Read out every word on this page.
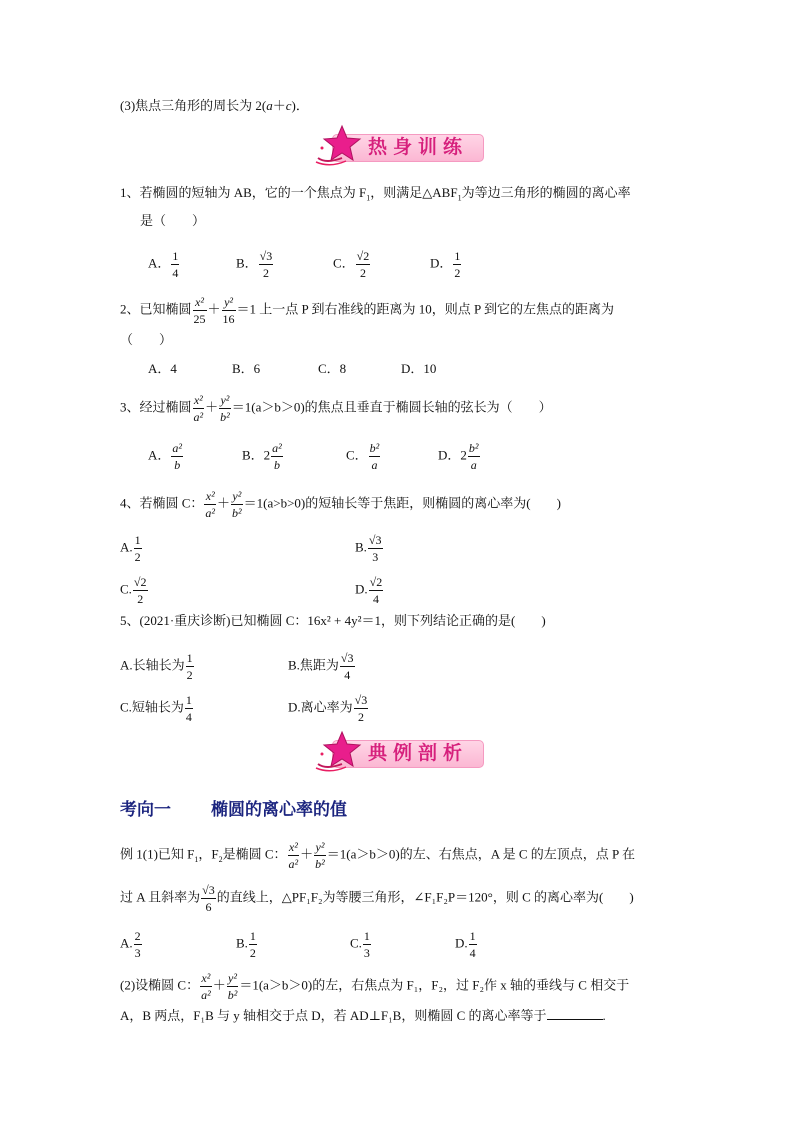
(3)焦点三角形的周长为 2(a＋c)．
热身训练
1、若椭圆的短轴为 AB，它的一个焦点为 $F_1$，则满足$\triangle ABF_1$为等边三角形的椭圆的离心率
是（　　）
A． $\frac{1}{4}$	B． $\frac{√3}{2}$	C． $\frac{√2}{2}$	D． $\frac{1}{2}$
2、已知椭圆 $\frac{\text{x²}}{25} + \frac{\text{y²}}{16} =1$ 上一点 P 到右准线的距离为 10，则点 P 到它的左焦点的距离为
（　　）
A．4	B．6	C．8	D．10
3、经过椭圆 $\frac{\text{x²}}{\text{a²}} + \frac{\text{y²}}{\text{b²}} =1(a>b>0)$的焦点且垂直于椭圆长轴的弦长为（　　）
A． $\frac{\text{a²}}{b}$	B．$2 \frac{\text{a²}}{b}$	C． $\frac{\text{b²}}{a}$	D．$2 \frac{\text{b²}}{a}$
4、若椭圆 C： $\frac{\text{x²}}{\text{a²}} + \frac{\text{y²}}{\text{b²}} =1(a>b>0)$的短轴长等于焦距，则椭圆的离心率为(　　)
A. $\frac{1}{2}$	B. $\frac{√3}{3}$
C. $\frac{√2}{2}$	D. $\frac{√2}{4}$
5、(2021·重庆诊断)已知椭圆 C：16x² + 4y²＝1，则下列结论正确的是(　　)
A.长轴长为 $\frac{1}{2}$	B.焦距为 $\frac{√3}{4}$
C.短轴长为 $\frac{1}{4}$	D.离心率为 $\frac{√3}{2}$
典例剖析
考向一 椭圆的离心率的值
例 1(1)已知 $F_1$，$F_2$是椭圆 C： $\frac{\text{x²}}{\text{a²}} + \frac{\text{y²}}{\text{b²}} =1(a>b>0)$的左、右焦点，A 是 C 的左顶点，点 P 在
过 A 且斜率为 $\frac{√3}{6}$ 的直线上，△PF₁F₂为等腰三角形，∠F₁F₂P＝120°，则 C 的离心率为(　　)
A. $\frac{2}{3}$	B. $\frac{1}{2}$	C. $\frac{1}{3}$	D. $\frac{1}{4}$
(2)设椭圆 C： $\frac{\text{x²}}{\text{a²}} + \frac{\text{y²}}{\text{b²}} =1(a>b>0)$的左，右焦点为 F₁，F₂，过 F₂作 x 轴的垂线与 C 相交于
A，B 两点，F₁B 与 y 轴相交于点 D，若 AD⊥F₁B，则椭圆 C 的离心率等于	.
